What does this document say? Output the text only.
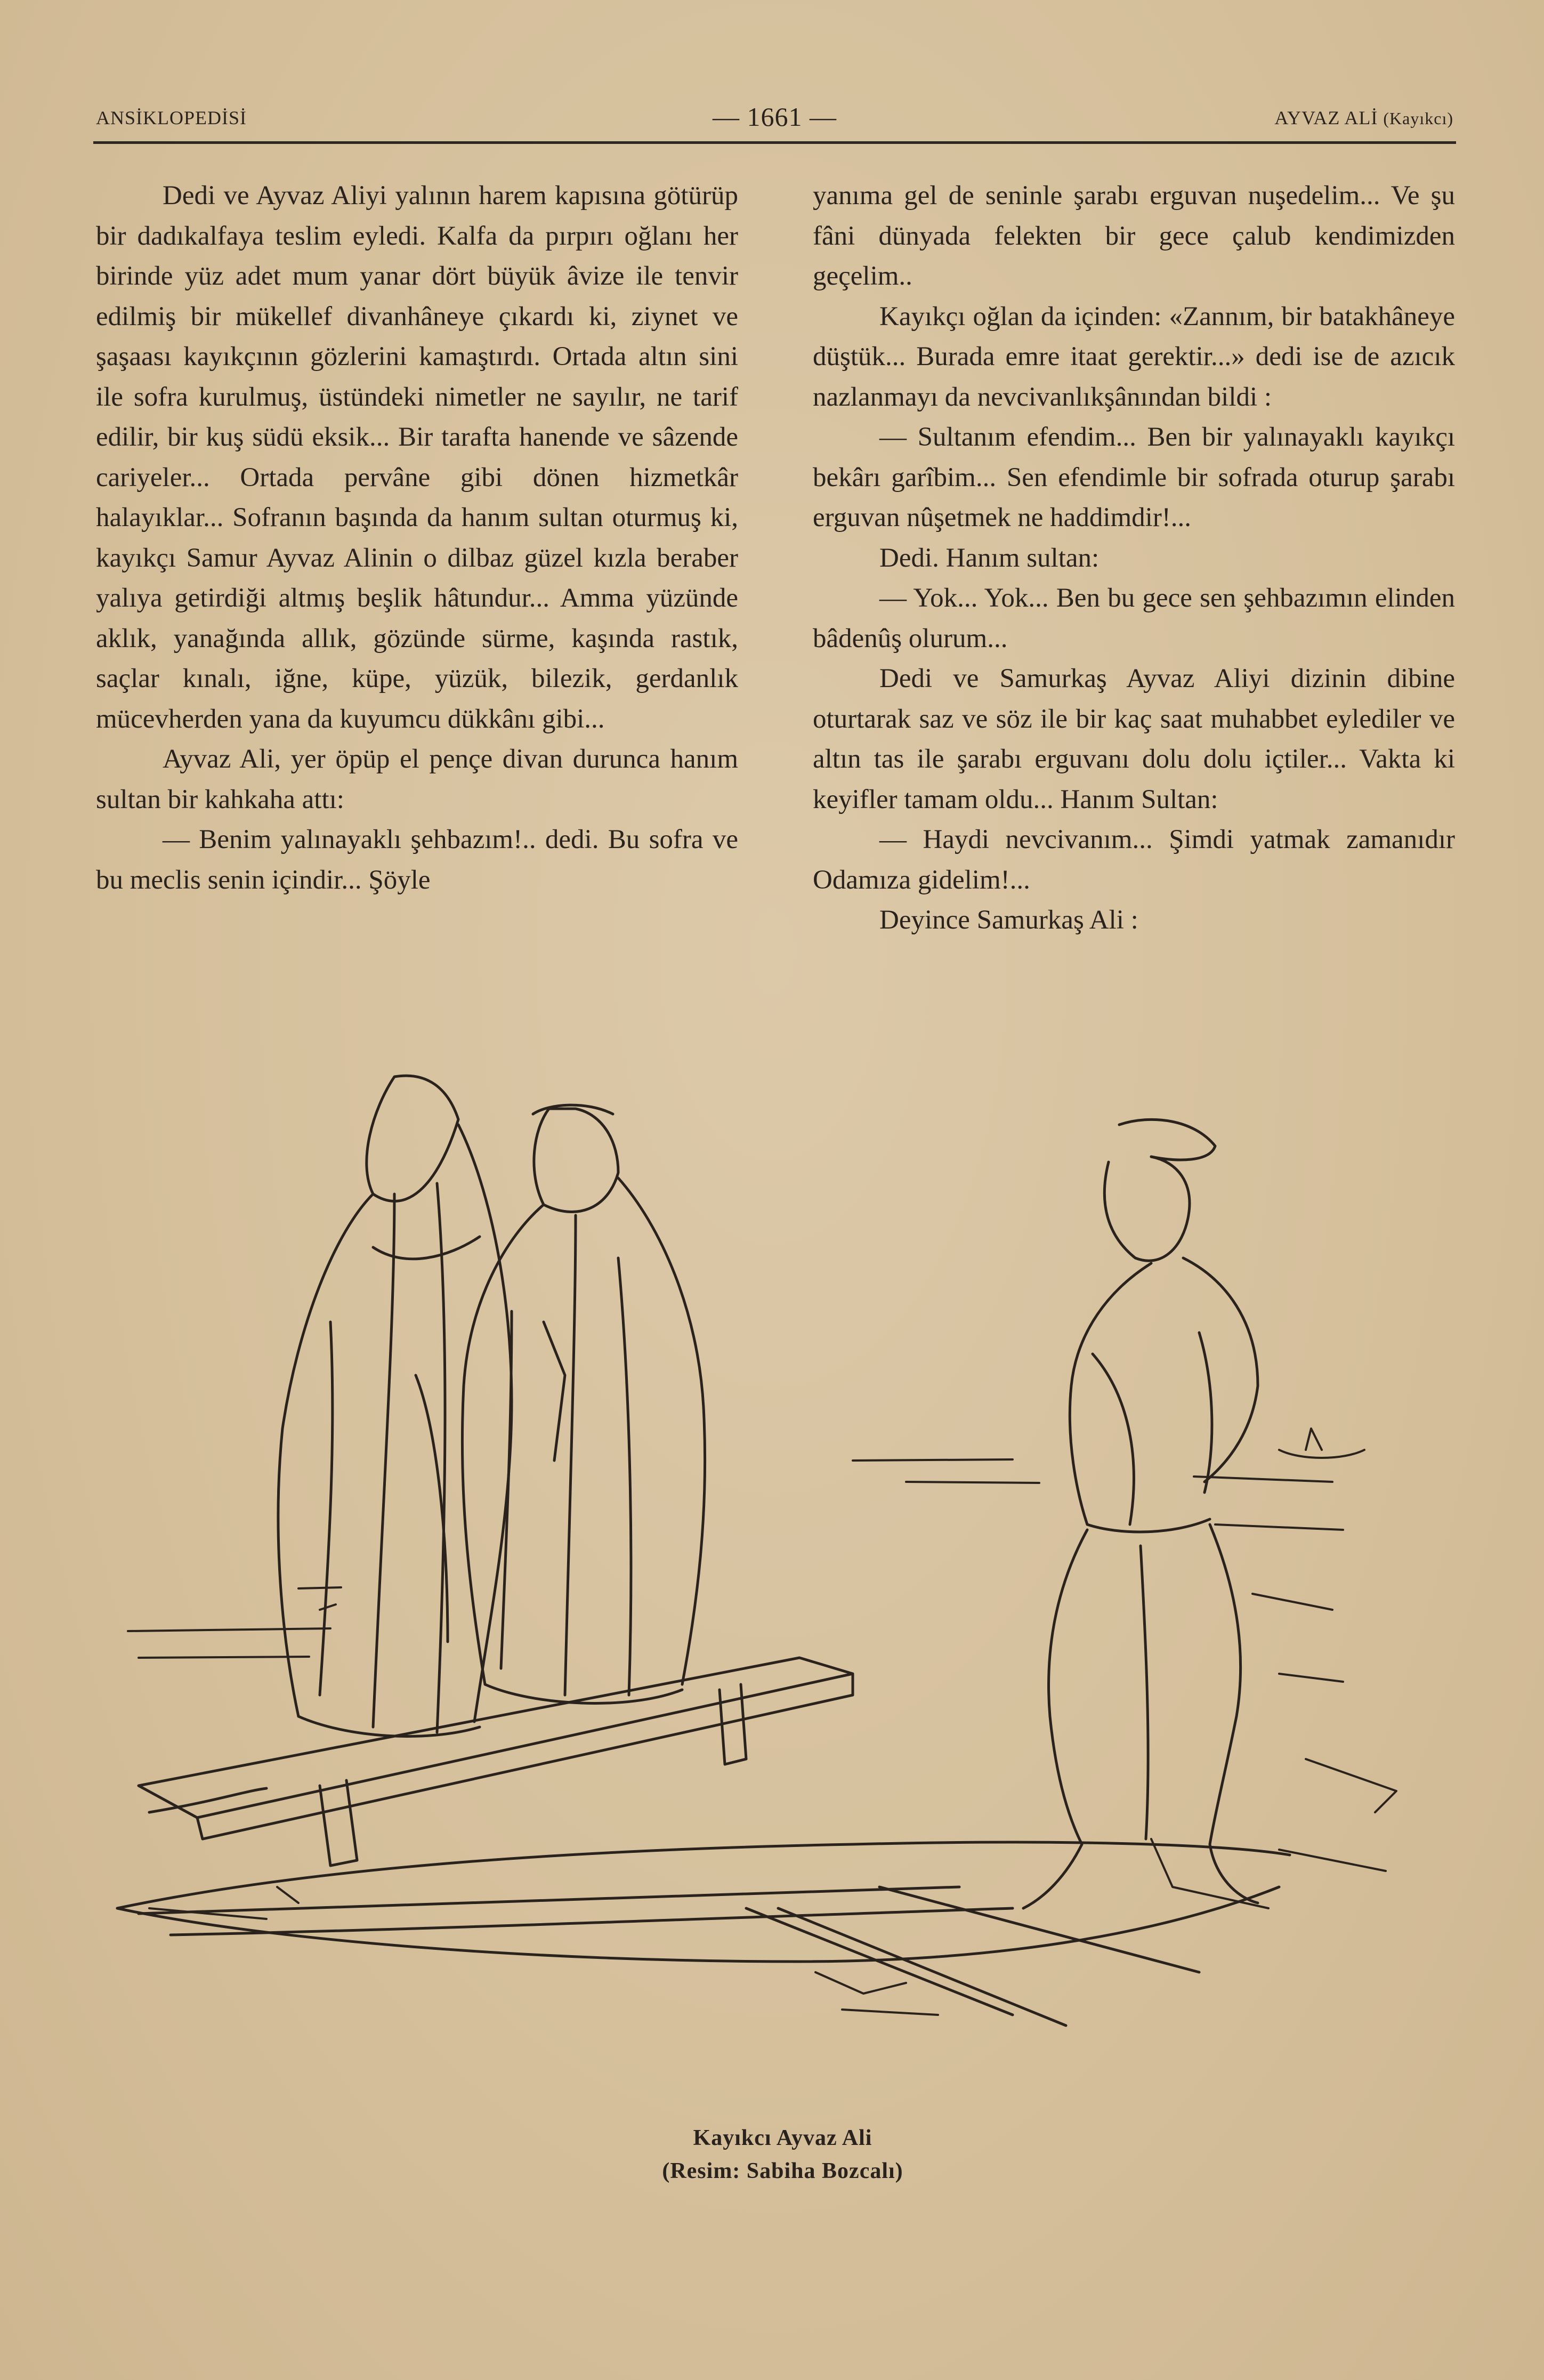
ANSİKLOPEDİSİ	— 1661 —	AYVAZ ALİ (Kayıkcı)

Dedi ve Ayvaz Aliyi yalının harem kapısına götürüp bir dadıkalfaya teslim eyledi. Kalfa da pırpırı oğlanı her birinde yüz adet mum yanar dört büyük âvize ile tenvir edilmiş bir mükellef divanhâneye çıkardı ki, ziynet ve şaşaası kayıkçının gözlerini kamaştırdı. Ortada altın sini ile sofra kurulmuş, üstündeki nimetler ne sayılır, ne tarif edilir, bir kuş südü eksik... Bir tarafta hanende ve sâzende cariyeler... Ortada pervâne gibi dönen hizmetkâr halayıklar... Sofranın başında da hanım sultan oturmuş ki, kayıkçı Samur Ayvaz Alinin o dilbaz güzel kızla beraber yalıya getirdiği altmış beşlik hâtundur... Amma yüzünde aklık, yanağında allık, gözünde sürme, kaşında rastık, saçlar kınalı, iğne, küpe, yüzük, bilezik, gerdanlık mücevherden yana da kuyumcu dükkânı gibi...

Ayvaz Ali, yer öpüp el pençe divan durunca hanım sultan bir kahkaha attı:

— Benim yalınayaklı şehbazım!.. dedi. Bu sofra ve bu meclis senin içindir... Şöyle

yanıma gel de seninle şarabı erguvan nuşedelim... Ve şu fâni dünyada felekten bir gece çalub kendimizden geçelim..

Kayıkçı oğlan da içinden: «Zannım, bir batakhâneye düştük... Burada emre itaat gerektir...» dedi ise de azıcık nazlanmayı da nevcivanlıkşânından bildi :

— Sultanım efendim... Ben bir yalınayaklı kayıkçı bekârı garîbim... Sen efendimle bir sofrada oturup şarabı erguvan nûşetmek ne haddimdir!...

Dedi. Hanım sultan:

— Yok... Yok... Ben bu gece sen şehbazımın elinden bâdenûş olurum...

Dedi ve Samurkaş Ayvaz Aliyi dizinin dibine oturtarak saz ve söz ile bir kaç saat muhabbet eylediler ve altın tas ile şarabı erguvanı dolu dolu içtiler... Vakta ki keyifler tamam oldu... Hanım Sultan:

— Haydi nevcivanım... Şimdi yatmak zamanıdır Odamıza gidelim!...

Deyince Samurkaş Ali :

Kayıkcı Ayvaz Ali
(Resim: Sabiha Bozcalı)
